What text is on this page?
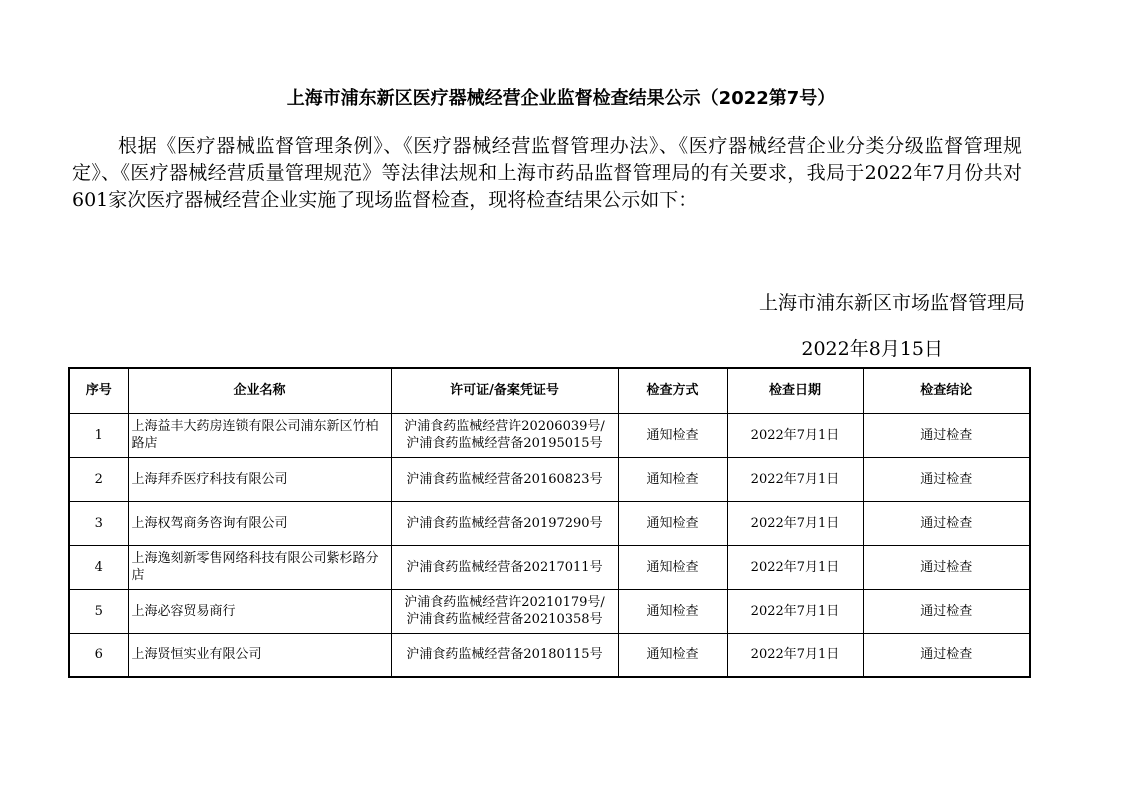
上海市浦东新区医疗器械经营企业监督检查结果公示（2022第7号）
根据《医疗器械监督管理条例》、《医疗器械经营监督管理办法》、《医疗器械经营企业分类分级监督管理规定》、《医疗器械经营质量管理规范》等法律法规和上海市药品监督管理局的有关要求，我局于2022年7月份共对601家次医疗器械经营企业实施了现场监督检查，现将检查结果公示如下：
上海市浦东新区市场监督管理局
2022年8月15日
序号	企业名称	许可证/备案凭证号	检查方式	检查日期	检查结论
1	上海益丰大药房连锁有限公司浦东新区竹柏路店	沪浦食药监械经营许20206039号/
沪浦食药监械经营备20195015号	通知检查	2022年7月1日	通过检查
2	上海拜乔医疗科技有限公司	沪浦食药监械经营备20160823号	通知检查	2022年7月1日	通过检查
3	上海权驾商务咨询有限公司	沪浦食药监械经营备20197290号	通知检查	2022年7月1日	通过检查
4	上海逸刻新零售网络科技有限公司紫杉路分店	沪浦食药监械经营备20217011号	通知检查	2022年7月1日	通过检查
5	上海必容贸易商行	沪浦食药监械经营许20210179号/
沪浦食药监械经营备20210358号	通知检查	2022年7月1日	通过检查
6	上海贤恒实业有限公司	沪浦食药监械经营备20180115号	通知检查	2022年7月1日	通过检查
